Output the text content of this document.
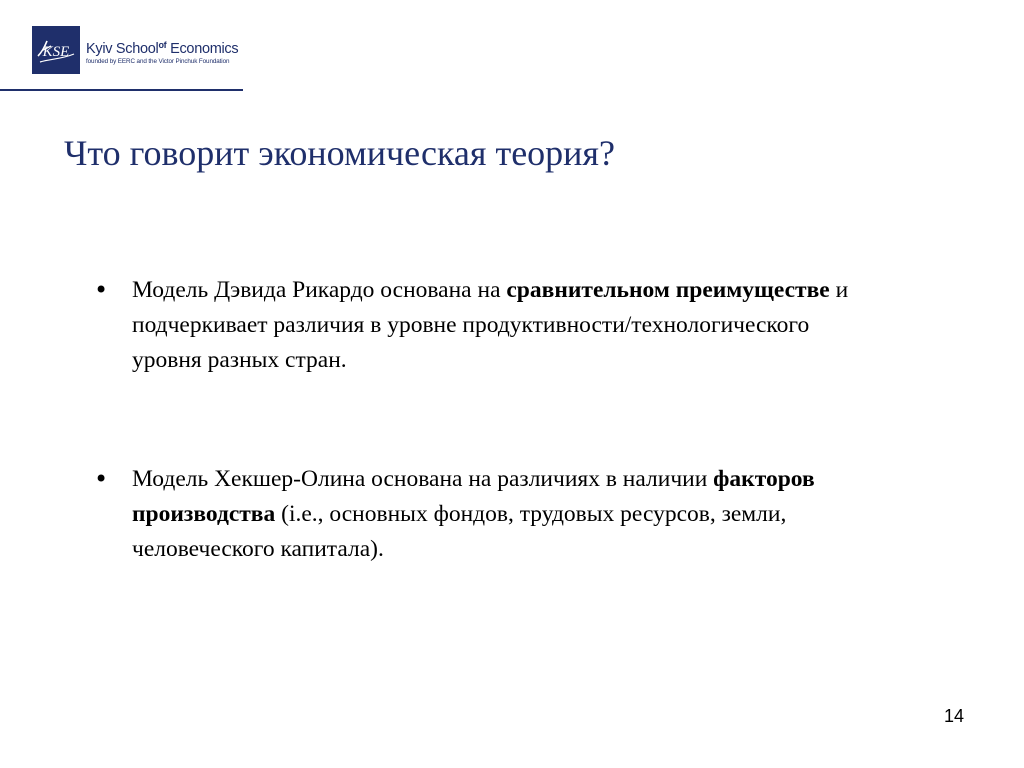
KSE Kyiv School$^{of}$ Economics
founded by EERC and the Victor Pinchuk Foundation
Что говорит экономическая теория?
• Модель Дэвида Рикардо основана на сравнительном преимуществе и подчеркивает различия в уровне продуктивности/технологического уровня разных стран.
• Модель Хекшер-Олина основана на различиях в наличии факторов производства (i.e., основных фондов, трудовых ресурсов, земли, человеческого капитала).
14
